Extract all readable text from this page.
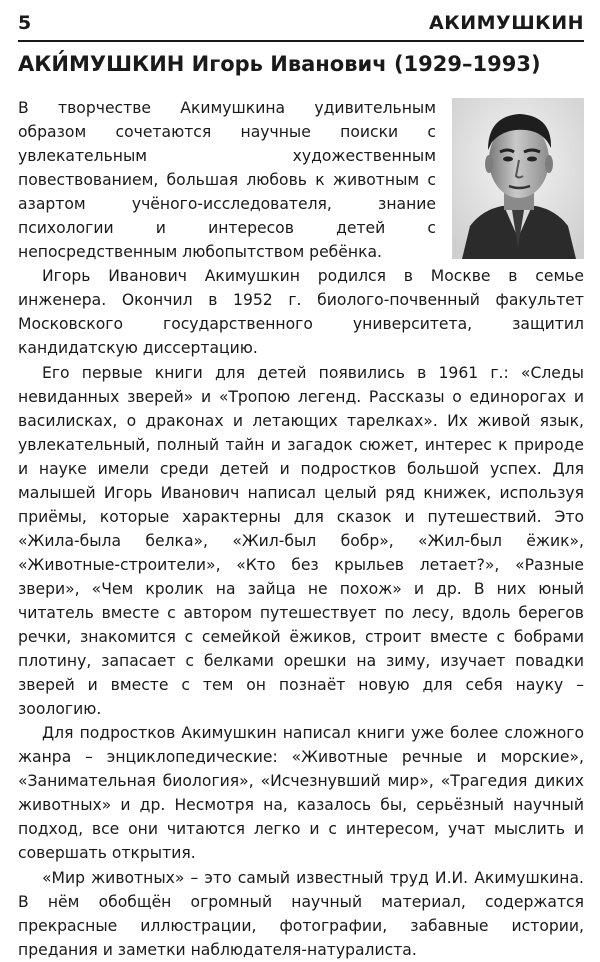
5	АКИМУШКИН
АКИ́МУШКИН Игорь Иванович (1929–1993)

В творчестве Акимушкина удивительным образом сочетаются научные поиски с увлекательным художественным повествованием, большая любовь к животным с азартом учёного-исследователя, знание психологии и интересов детей с непосредственным любопытством ребёнка.

Игорь Иванович Акимушкин родился в Москве в семье инженера. Окончил в 1952 г. биолого-почвенный факультет Московского государственного университета, защитил кандидатскую диссертацию.

Его первые книги для детей появились в 1961 г.: «Следы невиданных зверей» и «Тропою легенд. Рассказы о единорогах и василисках, о драконах и летающих тарелках». Их живой язык, увлекательный, полный тайн и загадок сюжет, интерес к природе и науке имели среди детей и подростков большой успех. Для малышей Игорь Иванович написал целый ряд книжек, используя приёмы, которые характерны для сказок и путешествий. Это «Жила-была белка», «Жил-был бобр», «Жил-был ёжик», «Животные-строители», «Кто без крыльев летает?», «Разные звери», «Чем кролик на зайца не похож» и др. В них юный читатель вместе с автором путешествует по лесу, вдоль берегов речки, знакомится с семейкой ёжиков, строит вместе с бобрами плотину, запасает с белками орешки на зиму, изучает повадки зверей и вместе с тем он познаёт новую для себя науку – зоологию.

Для подростков Акимушкин написал книги уже более сложного жанра – энциклопедические: «Животные речные и морские», «Занимательная биология», «Исчезнувший мир», «Трагедия диких животных» и др. Несмотря на, казалось бы, серьёзный научный подход, все они читаются легко и с интересом, учат мыслить и совершать открытия.

«Мир животных» – это самый известный труд И.И. Акимушкина. В нём обобщён огромный научный материал, содержатся прекрасные иллюстрации, фотографии, забавные истории, предания и заметки наблюдателя-натуралиста.
